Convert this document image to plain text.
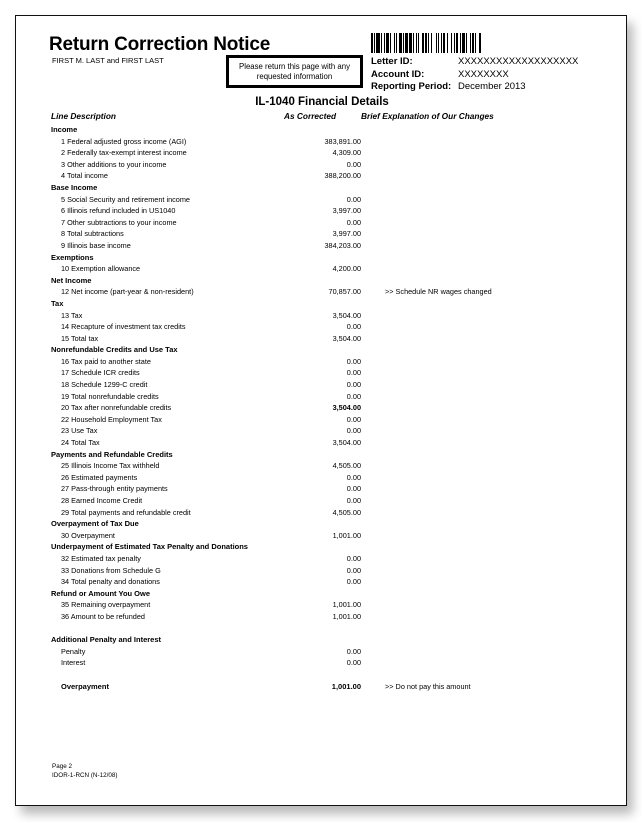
Return Correction Notice
FIRST M. LAST and FIRST LAST
Please return this page with any requested information
Letter ID:	XXXXXXXXXXXXXXXXXXX
Account ID:	XXXXXXXX
Reporting Period: December 2013
IL-1040 Financial Details
Line Description	As Corrected	Brief Explanation of Our Changes
Income
1 Federal adjusted gross income (AGI)	383,891.00
2 Federally tax-exempt interest income	4,309.00
3 Other additions to your income	0.00
4 Total income	388,200.00
Base Income
5 Social Security and retirement income	0.00
6 Illinois refund included in US1040	3,997.00
7 Other subtractions to your income	0.00
8 Total subtractions	3,997.00
9 Illinois base income	384,203.00
Exemptions
10 Exemption allowance	4,200.00
Net Income
12 Net income (part-year & non-resident)	70,857.00	>> Schedule NR wages changed
Tax
13 Tax	3,504.00
14 Recapture of investment tax credits	0.00
15 Total tax	3,504.00
Nonrefundable Credits and Use Tax
16 Tax paid to another state	0.00
17 Schedule ICR credits	0.00
18 Schedule 1299-C credit	0.00
19 Total nonrefundable credits	0.00
20 Tax after nonrefundable credits	3,504.00
22 Household Employment Tax	0.00
23 Use Tax	0.00
24 Total Tax	3,504.00
Payments and Refundable Credits
25 Illinois Income Tax withheld	4,505.00
26 Estimated payments	0.00
27 Pass-through entity payments	0.00
28 Earned Income Credit	0.00
29 Total payments and refundable credit	4,505.00
Overpayment of Tax Due
30 Overpayment	1,001.00
Underpayment of Estimated Tax Penalty and Donations
32 Estimated tax penalty	0.00
33 Donations from Schedule G	0.00
34 Total penalty and donations	0.00
Refund or Amount You Owe
35 Remaining overpayment	1,001.00
36 Amount to be refunded	1,001.00
Additional Penalty and Interest
Penalty	0.00
Interest	0.00
Overpayment	1,001.00	>> Do not pay this amount
Page 2
IDOR-1-RCN (N-12/08)
